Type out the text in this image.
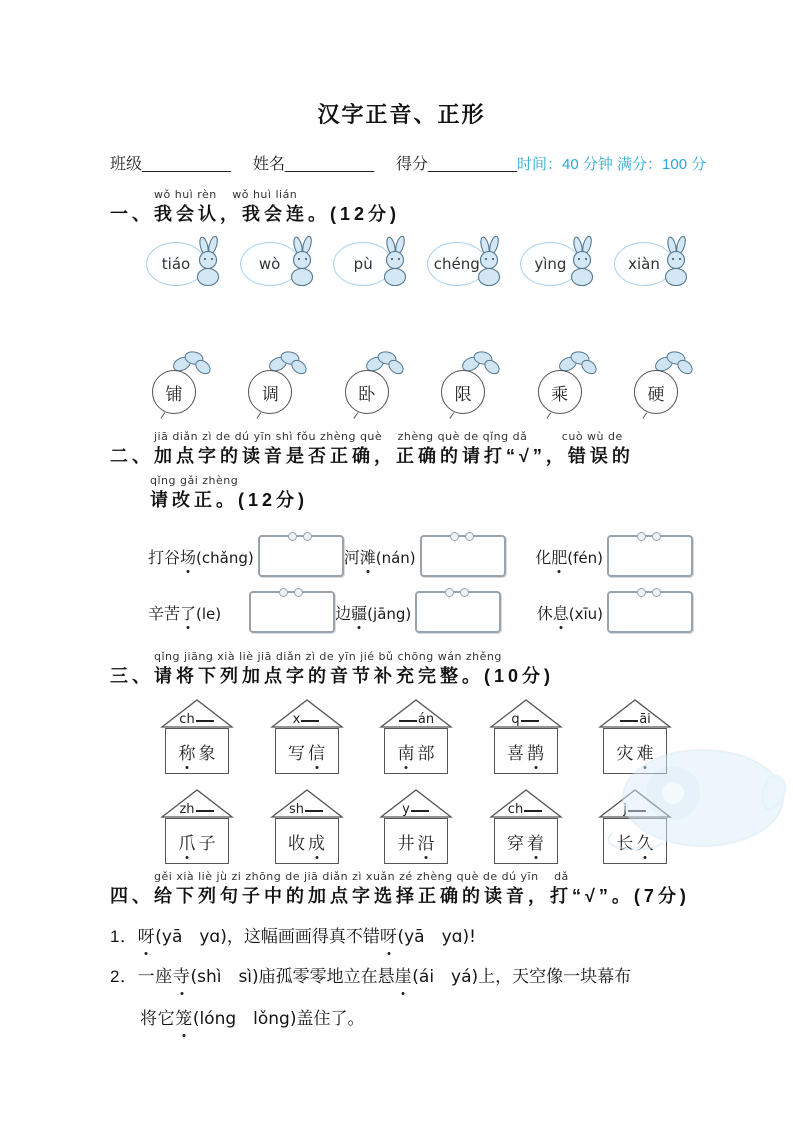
汉字正音、正形
班级__________ 姓名__________ 得分__________ 时间：40 分钟 满分：100 分
wǒ huì rèn　 wǒ huì lián
一、我会认，我会连。(12分)
tiáo	wò	pù	chéng	yìng	xiàn
铺	调	卧	限	乘	硬
jiā diǎn zì de dú yīn shì fǒu zhèng què　 zhèng què de qǐng dǎ　　　cuò wù de
二、加点字的读音是否正确，正确的请打“√”，错误的
qǐng gǎi zhèng
请改正。(12分)
打谷场(chǎng)	河滩(nán)	化肥(fén)
辛苦了(le)	边疆(jāng)	休息(xīu)
qǐng jiāng xià liè jiā diǎn zì de yīn jié bǔ chōng wán zhěng
三、请将下列加点字的音节补充完整。(10分)
ch
称 象
x
写 信
án
南 部
q
喜 鹊
āi
灾 难
zh
爪 子
sh
收 成
y
井 沿
ch
穿 着
j
长 久
gěi xià liè jù zi zhōng de jiā diǎn zì xuǎn zé zhèng què de dú yīn　 dǎ
四、给下列句子中的加点字选择正确的读音，打“√”。(7分)
1．呀(yā　yɑ)，这幅画画得真不错呀(yā　yɑ)!
2．一座寺(shì　sì)庙孤零零地立在悬崖(ái　yá)上，天空像一块幕布
将它笼(lóng　lǒng)盖住了。
